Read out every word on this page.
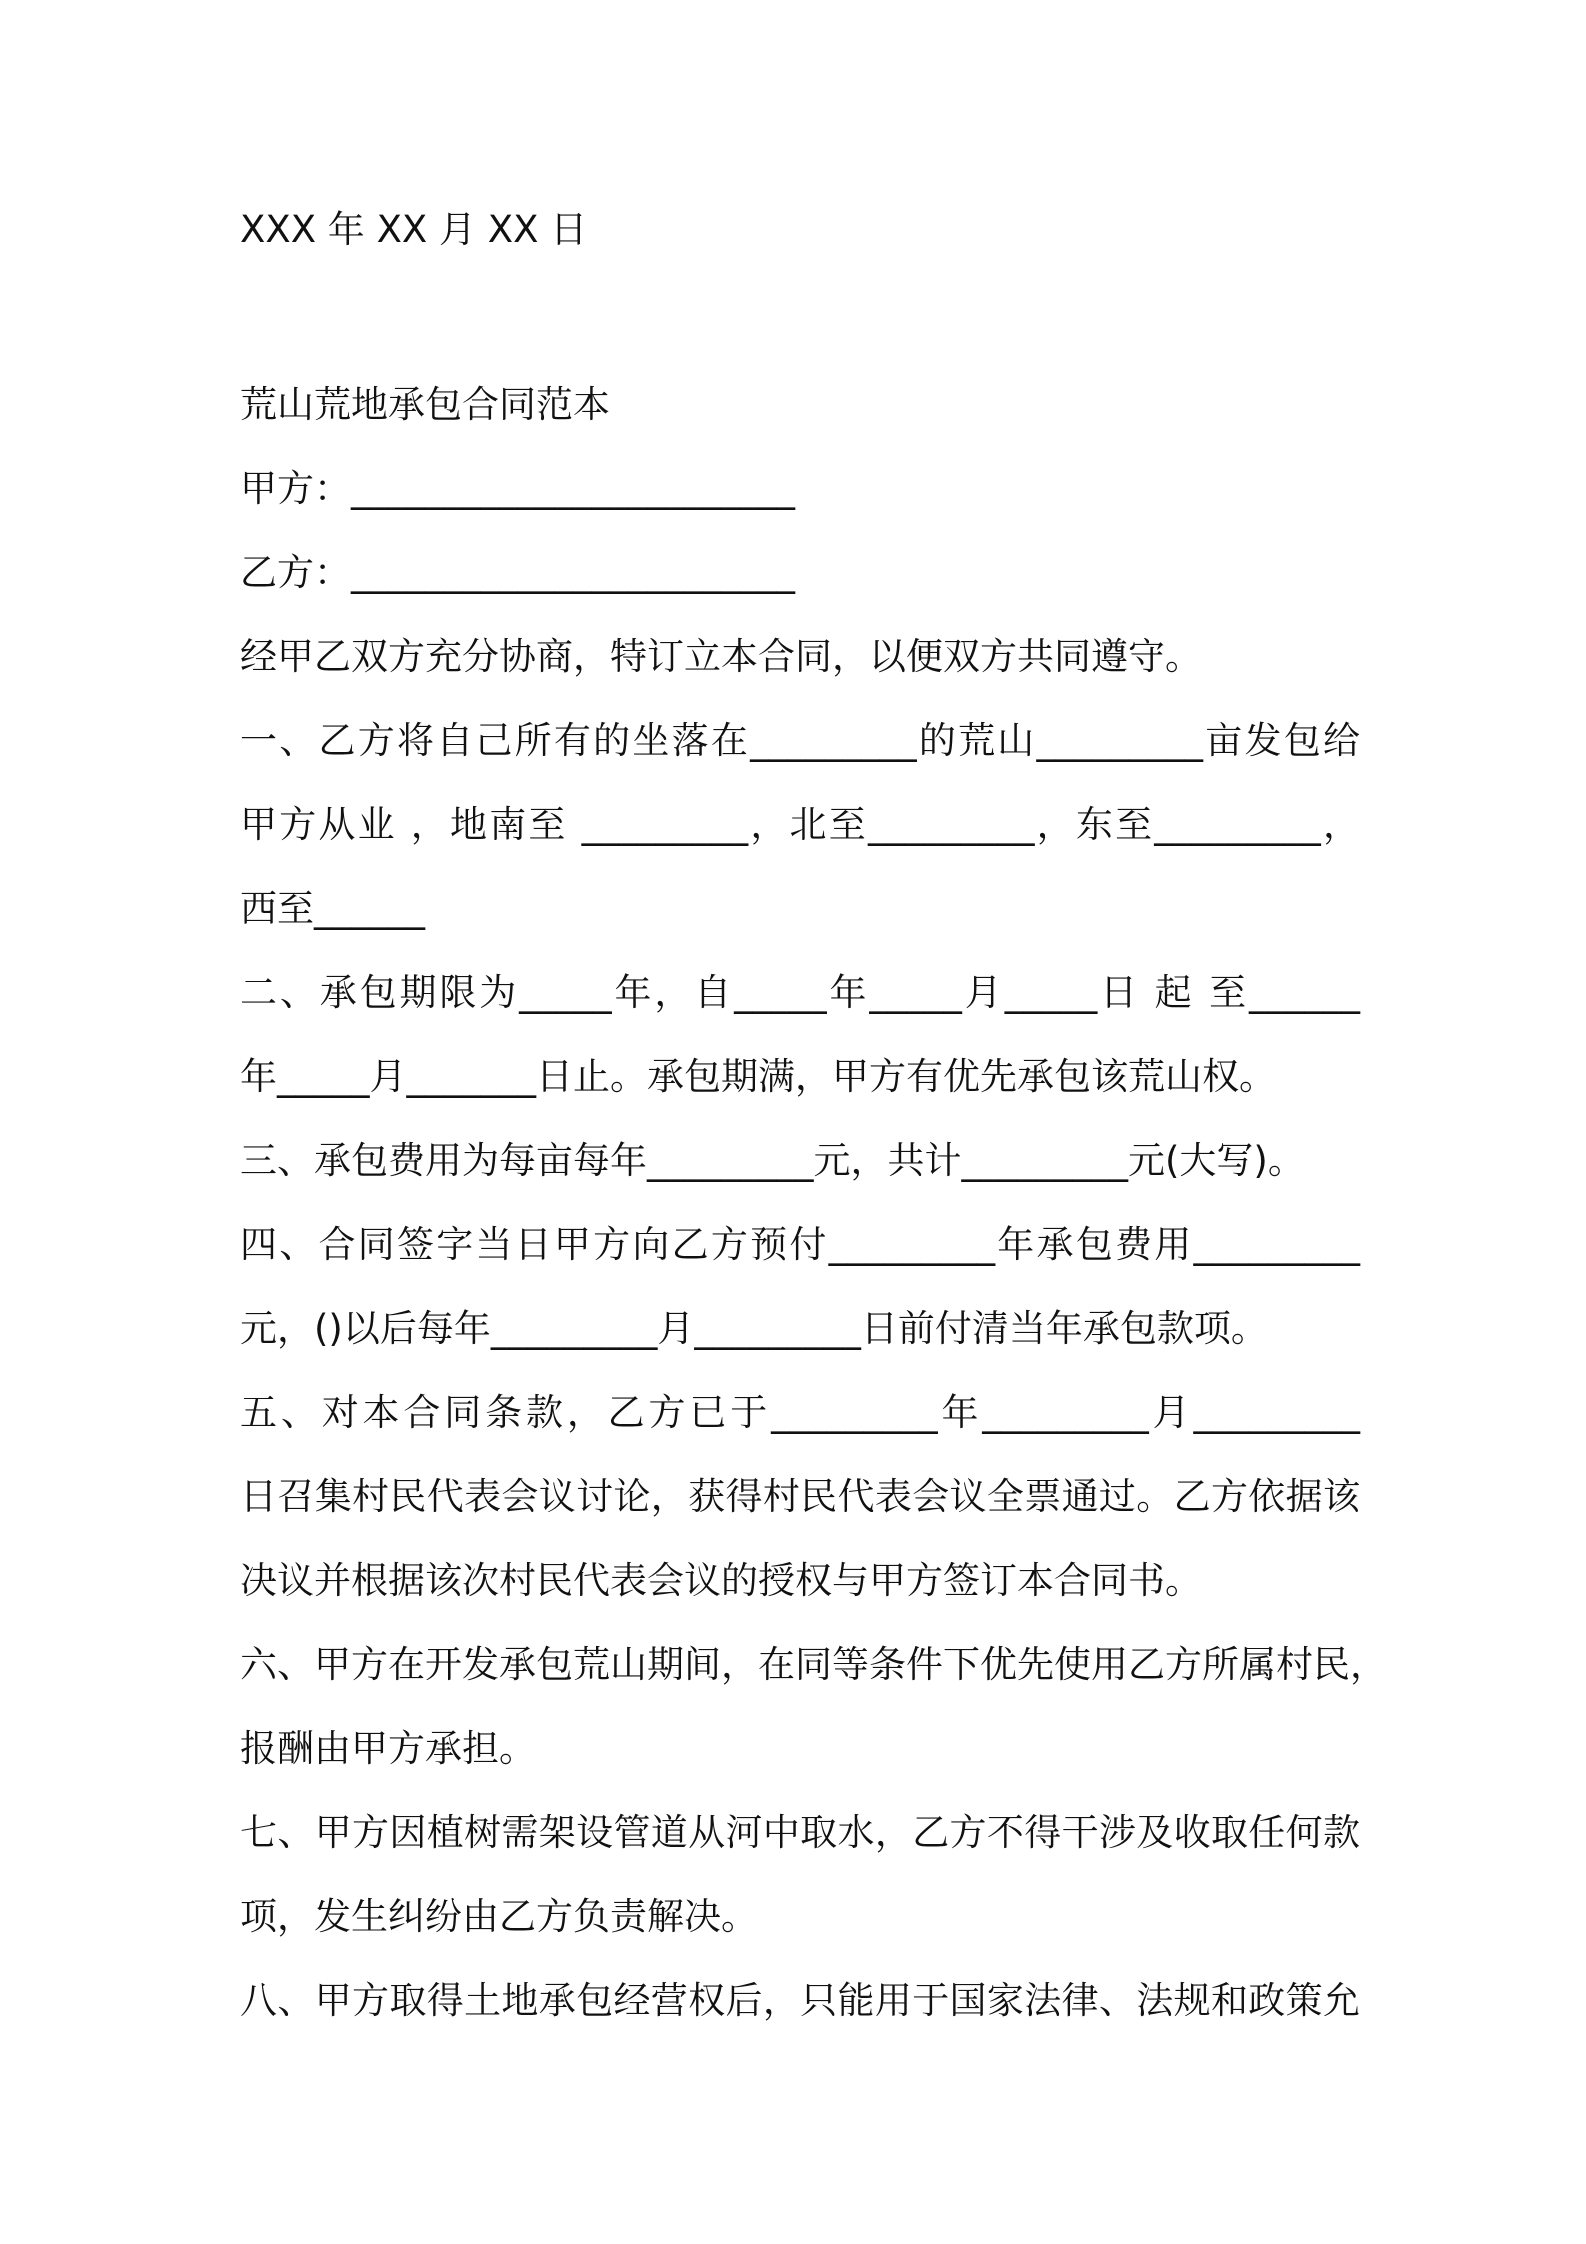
XXX 年 XX 月 XX 日
荒山荒地承包合同范本
甲方：________________________
乙方：________________________
经甲乙双方充分协商，特订立本合同，以便双方共同遵守。
一、乙方将自己所有的坐落在_________的荒山_________亩发包给
甲方从业 ，地南至 _________，北至_________，东至_________，
西至______
二、承包期限为_____年，自_____年_____月_____日 起 至______
年_____月_______日止。承包期满，甲方有优先承包该荒山权。
三、承包费用为每亩每年_________元，共计_________元(大写)。
四、合同签字当日甲方向乙方预付_________年承包费用_________
元，()以后每年_________月_________日前付清当年承包款项。
五、对本合同条款，乙方已于_________年_________月_________
日召集村民代表会议讨论，获得村民代表会议全票通过。乙方依据该
决议并根据该次村民代表会议的授权与甲方签订本合同书。
六、甲方在开发承包荒山期间，在同等条件下优先使用乙方所属村民，
报酬由甲方承担。
七、甲方因植树需架设管道从河中取水，乙方不得干涉及收取任何款
项，发生纠纷由乙方负责解决。
八、甲方取得土地承包经营权后，只能用于国家法律、法规和政策允
